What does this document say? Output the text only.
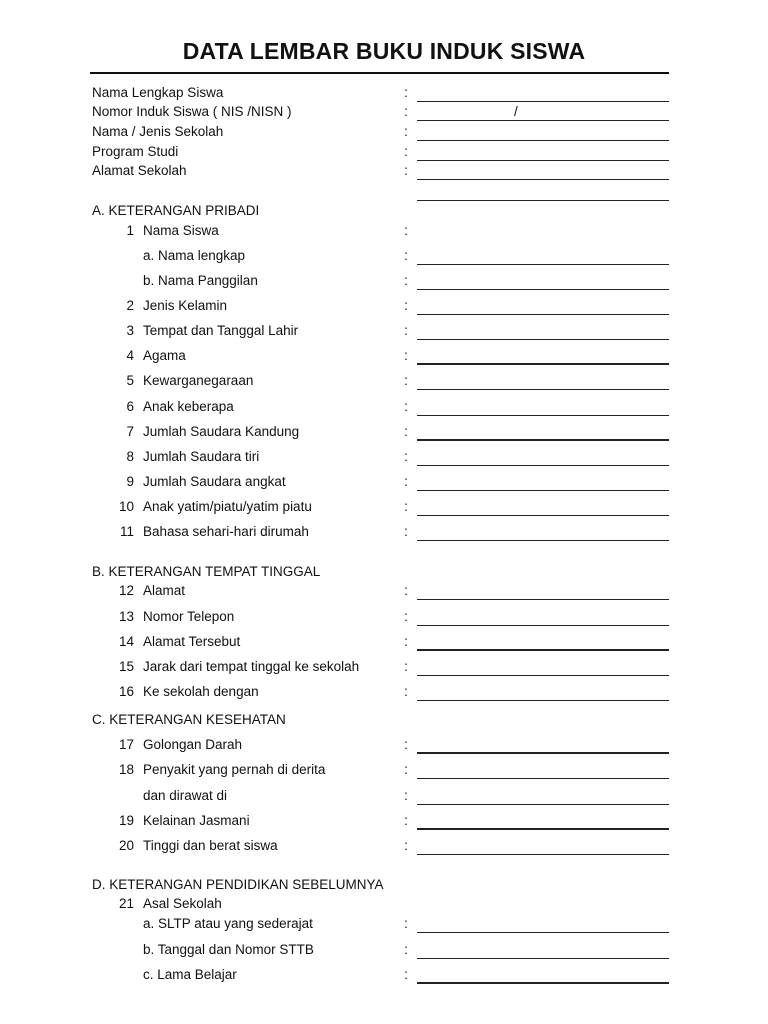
DATA LEMBAR BUKU INDUK SISWA
Nama Lengkap Siswa	:
Nomor Induk Siswa ( NIS /NISN )	:	/
Nama / Jenis Sekolah	:
Program Studi	:
Alamat Sekolah	:
A. KETERANGAN PRIBADI
1 Nama Siswa	:
a. Nama lengkap	:
b. Nama Panggilan	:
2 Jenis Kelamin	:
3 Tempat dan Tanggal Lahir	:
4 Agama	:
5 Kewarganegaraan	:
6 Anak keberapa	:
7 Jumlah Saudara Kandung	:
8 Jumlah Saudara tiri	:
9 Jumlah Saudara angkat	:
10 Anak yatim/piatu/yatim piatu	:
11 Bahasa sehari-hari dirumah	:
B. KETERANGAN TEMPAT TINGGAL
12 Alamat	:
13 Nomor Telepon	:
14 Alamat Tersebut	:
15 Jarak dari tempat tinggal ke sekolah	:
16 Ke sekolah dengan	:
C. KETERANGAN KESEHATAN
17 Golongan Darah	:
18 Penyakit yang pernah di derita	:
dan dirawat di	:
19 Kelainan Jasmani	:
20 Tinggi dan berat siswa	:
D. KETERANGAN PENDIDIKAN SEBELUMNYA
21 Asal Sekolah
a. SLTP atau yang sederajat	:
b. Tanggal dan Nomor STTB	:
c. Lama Belajar	:
